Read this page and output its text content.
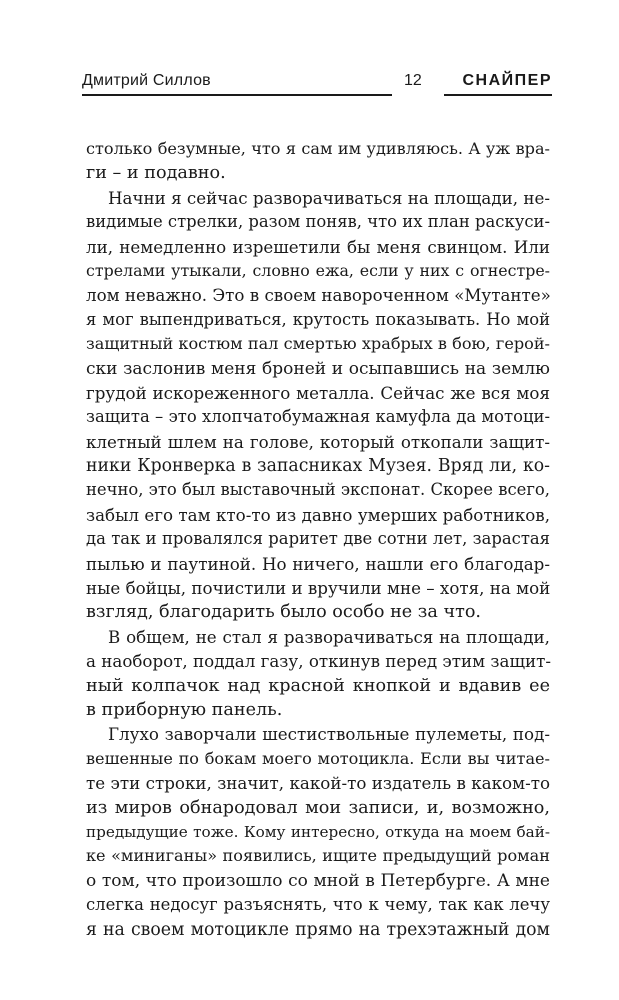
Дмитрий Силлов	12	СНАЙПЕР
столько безумные, что я сам им удивляюсь. А уж вра-
ги – и подавно.
Начни я сейчас разворачиваться на площади, не-
видимые стрелки, разом поняв, что их план раскуси-
ли, немедленно изрешетили бы меня свинцом. Или
стрелами утыкали, словно ежа, если у них с огнестре-
лом неважно. Это в своем навороченном «Мутанте»
я мог выпендриваться, крутость показывать. Но мой
защитный костюм пал смертью храбрых в бою, герой-
ски заслонив меня броней и осыпавшись на землю
грудой искореженного металла. Сейчас же вся моя
защита – это хлопчатобумажная камуфла да мотоци-
клетный шлем на голове, который откопали защит-
ники Кронверка в запасниках Музея. Вряд ли, ко-
нечно, это был выставочный экспонат. Скорее всего,
забыл его там кто-то из давно умерших работников,
да так и провалялся раритет две сотни лет, зарастая
пылью и паутиной. Но ничего, нашли его благодар-
ные бойцы, почистили и вручили мне – хотя, на мой
взгляд, благодарить было особо не за что.
В общем, не стал я разворачиваться на площади,
а наоборот, поддал газу, откинув перед этим защит-
ный колпачок над красной кнопкой и вдавив ее
в приборную панель.
Глухо заворчали шестиствольные пулеметы, под-
вешенные по бокам моего мотоцикла. Если вы читае-
те эти строки, значит, какой-то издатель в каком-то
из миров обнародовал мои записи, и, возможно,
предыдущие тоже. Кому интересно, откуда на моем бай-
ке «миниганы» появились, ищите предыдущий роман
о том, что произошло со мной в Петербурге. А мне
слегка недосуг разъяснять, что к чему, так как лечу
я на своем мотоцикле прямо на трехэтажный дом
